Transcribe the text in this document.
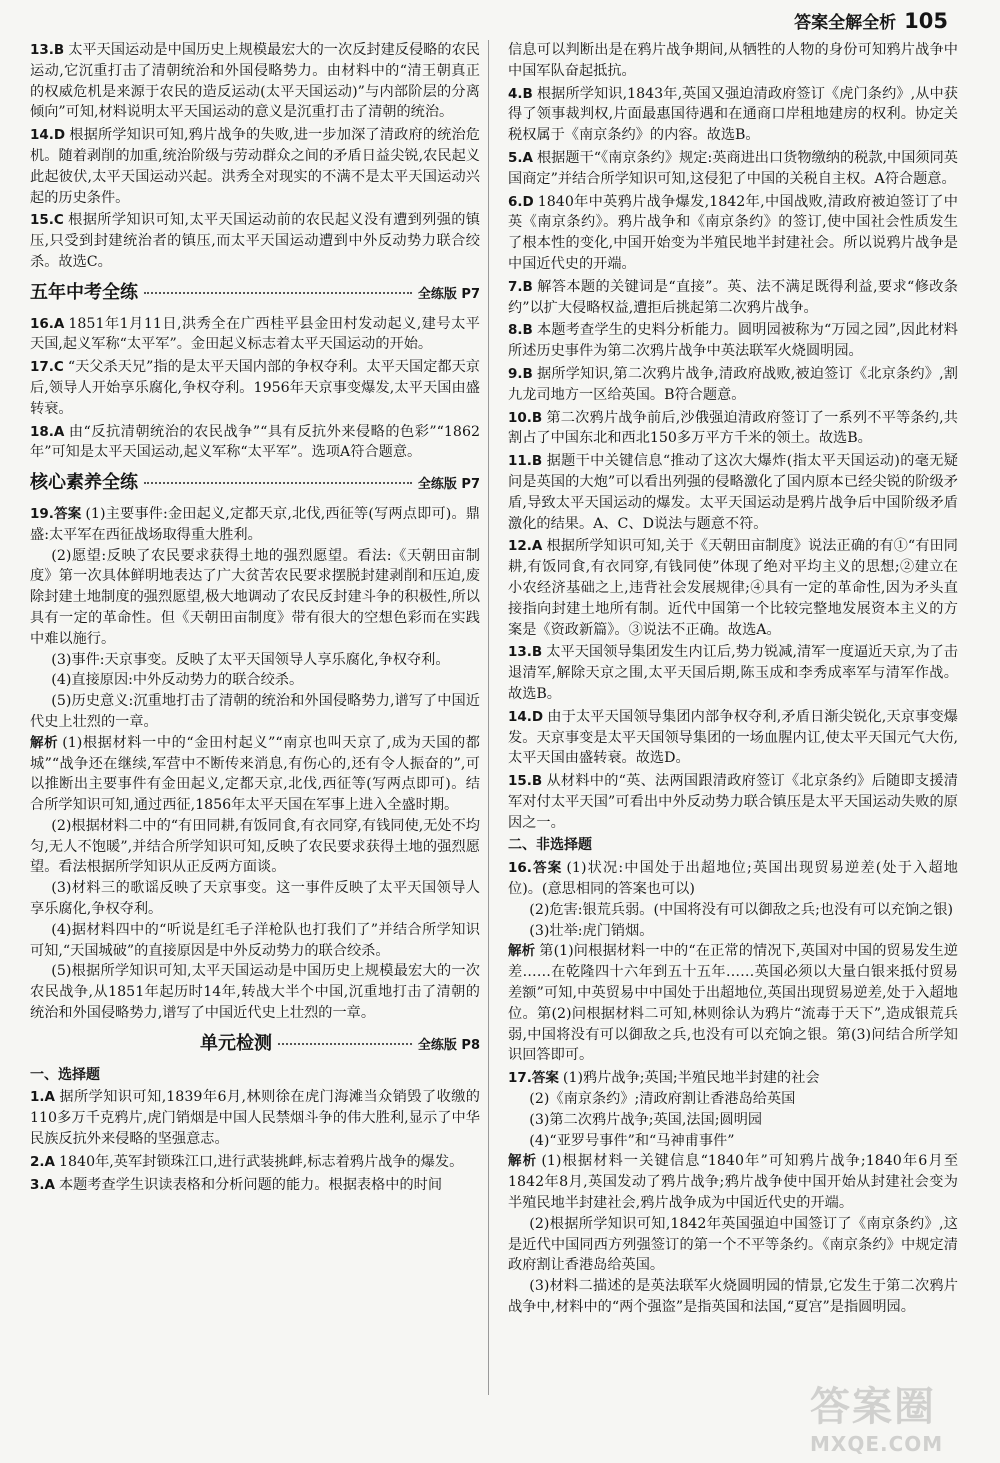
答案全解全析 105
13.B 太平天国运动是中国历史上规模最宏大的一次反封建反侵略的农民运动,它沉重打击了清朝统治和外国侵略势力。由材料中的“清王朝真正的权威危机是来源于农民的造反运动(太平天国运动)”与内部阶层的分离倾向”可知,材料说明太平天国运动的意义是沉重打击了清朝的统治。
14.D 根据所学知识可知,鸦片战争的失败,进一步加深了清政府的统治危机。随着剥削的加重,统治阶级与劳动群众之间的矛盾日益尖锐,农民起义此起彼伏,太平天国运动兴起。洪秀全对现实的不满不是太平天国运动兴起的历史条件。
15.C 根据所学知识可知,太平天国运动前的农民起义没有遭到列强的镇压,只受到封建统治者的镇压,而太平天国运动遭到中外反动势力联合绞杀。故选C。
五年中考全练	全练版 P7
16.A 1851年1月11日,洪秀全在广西桂平县金田村发动起义,建号太平天国,起义军称“太平军”。金田起义标志着太平天国运动的开始。
17.C “天父杀天兄”指的是太平天国内部的争权夺利。太平天国定都天京后,领导人开始享乐腐化,争权夺利。1956年天京事变爆发,太平天国由盛转衰。
18.A 由“反抗清朝统治的农民战争”“具有反抗外来侵略的色彩”“1862年”可知是太平天国运动,起义军称“太平军”。选项A符合题意。
核心素养全练	全练版 P7
19.答案 (1)主要事件:金田起义,定都天京,北伐,西征等(写两点即可)。鼎盛:太平军在西征战场取得重大胜利。
(2)愿望:反映了农民要求获得土地的强烈愿望。看法:《天朝田亩制度》第一次具体鲜明地表达了广大贫苦农民要求摆脱封建剥削和压迫,废除封建土地制度的强烈愿望,极大地调动了农民反封建斗争的积极性,所以具有一定的革命性。但《天朝田亩制度》带有很大的空想色彩而在实践中难以施行。
(3)事件:天京事变。反映了太平天国领导人享乐腐化,争权夺利。
(4)直接原因:中外反动势力的联合绞杀。
(5)历史意义:沉重地打击了清朝的统治和外国侵略势力,谱写了中国近代史上壮烈的一章。
解析 (1)根据材料一中的“金田村起义”“南京也叫天京了,成为天国的都城”“战争还在继续,军营中不断传来消息,有伤心的,还有令人振奋的”,可以推断出主要事件有金田起义,定都天京,北伐,西征等(写两点即可)。结合所学知识可知,通过西征,1856年太平天国在军事上进入全盛时期。
(2)根据材料二中的“有田同耕,有饭同食,有衣同穿,有钱同使,无处不均匀,无人不饱暖”,并结合所学知识可知,反映了农民要求获得土地的强烈愿望。看法根据所学知识从正反两方面谈。
(3)材料三的歌谣反映了天京事变。这一事件反映了太平天国领导人享乐腐化,争权夺利。
(4)据材料四中的“听说是红毛子洋枪队也打我们了”并结合所学知识可知,“天国城破”的直接原因是中外反动势力的联合绞杀。
(5)根据所学知识可知,太平天国运动是中国历史上规模最宏大的一次农民战争,从1851年起历时14年,转战大半个中国,沉重地打击了清朝的统治和外国侵略势力,谱写了中国近代史上壮烈的一章。
单元检测	全练版 P8
一、选择题
1.A 据所学知识可知,1839年6月,林则徐在虎门海滩当众销毁了收缴的110多万千克鸦片,虎门销烟是中国人民禁烟斗争的伟大胜利,显示了中华民族反抗外来侵略的坚强意志。
2.A 1840年,英军封锁珠江口,进行武装挑衅,标志着鸦片战争的爆发。
3.A 本题考查学生识读表格和分析问题的能力。根据表格中的时间
信息可以判断出是在鸦片战争期间,从牺牲的人物的身份可知鸦片战争中中国军队奋起抵抗。
4.B 根据所学知识,1843年,英国又强迫清政府签订《虎门条约》,从中获得了领事裁判权,片面最惠国待遇和在通商口岸租地建房的权利。协定关税权属于《南京条约》的内容。故选B。
5.A 根据题干“《南京条约》规定:英商进出口货物缴纳的税款,中国须同英国商定”并结合所学知识可知,这侵犯了中国的关税自主权。A符合题意。
6.D 1840年中英鸦片战争爆发,1842年,中国战败,清政府被迫签订了中英《南京条约》。鸦片战争和《南京条约》的签订,使中国社会性质发生了根本性的变化,中国开始变为半殖民地半封建社会。所以说鸦片战争是中国近代史的开端。
7.B 解答本题的关键词是“直接”。英、法不满足既得利益,要求“修改条约”以扩大侵略权益,遭拒后挑起第二次鸦片战争。
8.B 本题考查学生的史料分析能力。圆明园被称为“万园之园”,因此材料所述历史事件为第二次鸦片战争中英法联军火烧圆明园。
9.B 据所学知识,第二次鸦片战争,清政府战败,被迫签订《北京条约》,割九龙司地方一区给英国。B符合题意。
10.B 第二次鸦片战争前后,沙俄强迫清政府签订了一系列不平等条约,共割占了中国东北和西北150多万平方千米的领土。故选B。
11.B 据题干中关键信息“推动了这次大爆炸(指太平天国运动)的毫无疑问是英国的大炮”可以看出列强的侵略激化了国内原本已经尖锐的阶级矛盾,导致太平天国运动的爆发。太平天国运动是鸦片战争后中国阶级矛盾激化的结果。A、C、D说法与题意不符。
12.A 根据所学知识可知,关于《天朝田亩制度》说法正确的有①“有田同耕,有饭同食,有衣同穿,有钱同使”体现了绝对平均主义的思想;②建立在小农经济基础之上,违背社会发展规律;④具有一定的革命性,因为矛头直接指向封建土地所有制。近代中国第一个比较完整地发展资本主义的方案是《资政新篇》。③说法不正确。故选A。
13.B 太平天国领导集团发生内讧后,势力锐减,清军一度逼近天京,为了击退清军,解除天京之围,太平天国后期,陈玉成和李秀成率军与清军作战。故选B。
14.D 由于太平天国领导集团内部争权夺利,矛盾日渐尖锐化,天京事变爆发。天京事变是太平天国领导集团的一场血腥内讧,使太平天国元气大伤,太平天国由盛转衰。故选D。
15.B 从材料中的“英、法两国跟清政府签订《北京条约》后随即支援清军对付太平天国”可看出中外反动势力联合镇压是太平天国运动失败的原因之一。
二、非选择题
16.答案 (1)状况:中国处于出超地位;英国出现贸易逆差(处于入超地位)。(意思相同的答案也可以)
(2)危害:银荒兵弱。(中国将没有可以御敌之兵;也没有可以充饷之银)
(3)壮举:虎门销烟。
解析 第(1)问根据材料一中的“在正常的情况下,英国对中国的贸易发生逆差……在乾隆四十六年到五十五年……英国必须以大量白银来抵付贸易差额”可知,中英贸易中中国处于出超地位,英国出现贸易逆差,处于入超地位。第(2)问根据材料二可知,林则徐认为鸦片“流毒于天下”,造成银荒兵弱,中国将没有可以御敌之兵,也没有可以充饷之银。第(3)问结合所学知识回答即可。
17.答案 (1)鸦片战争;英国;半殖民地半封建的社会
(2)《南京条约》;清政府割让香港岛给英国
(3)第二次鸦片战争;英国,法国;圆明园
(4)“亚罗号事件”和“马神甫事件”
解析 (1)根据材料一关键信息“1840年”可知鸦片战争;1840年6月至1842年8月,英国发动了鸦片战争;鸦片战争使中国开始从封建社会变为半殖民地半封建社会,鸦片战争成为中国近代史的开端。
(2)根据所学知识可知,1842年英国强迫中国签订了《南京条约》,这是近代中国同西方列强签订的第一个不平等条约。《南京条约》中规定清政府割让香港岛给英国。
(3)材料二描述的是英法联军火烧圆明园的情景,它发生于第二次鸦片战争中,材料中的“两个强盗”是指英国和法国,“夏宫”是指圆明园。
答案圈
MXQE.COM
